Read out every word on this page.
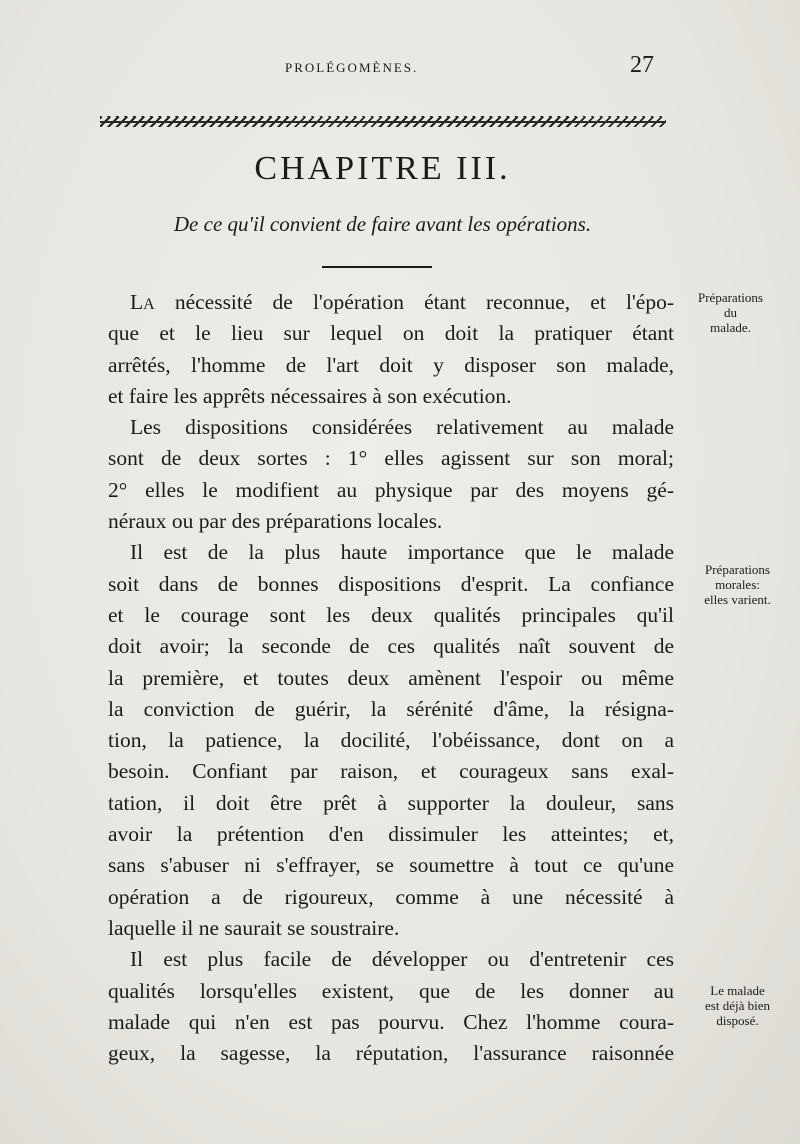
PROLÉGOMÈNES.	27
CHAPITRE III.
De ce qu'il convient de faire avant les opérations.
LA nécessité de l'opération étant reconnue, et l'épo-
que et le lieu sur lequel on doit la pratiquer étant
arrêtés, l'homme de l'art doit y disposer son malade,
et faire les apprêts nécessaires à son exécution.
Les dispositions considérées relativement au malade
sont de deux sortes : 1° elles agissent sur son moral;
2° elles le modifient au physique par des moyens gé-
néraux ou par des préparations locales.
Il est de la plus haute importance que le malade
soit dans de bonnes dispositions d'esprit. La confiance
et le courage sont les deux qualités principales qu'il
doit avoir; la seconde de ces qualités naît souvent de
la première, et toutes deux amènent l'espoir ou même
la conviction de guérir, la sérénité d'âme, la résigna-
tion, la patience, la docilité, l'obéissance, dont on a
besoin. Confiant par raison, et courageux sans exal-
tation, il doit être prêt à supporter la douleur, sans
avoir la prétention d'en dissimuler les atteintes; et,
sans s'abuser ni s'effrayer, se soumettre à tout ce qu'une
opération a de rigoureux, comme à une nécessité à
laquelle il ne saurait se soustraire.
Il est plus facile de développer ou d'entretenir ces
qualités lorsqu'elles existent, que de les donner au
malade qui n'en est pas pourvu. Chez l'homme coura-
geux, la sagesse, la réputation, l'assurance raisonnée
Préparations
du
malade.
Préparations
morales:
elles varient.
Le malade
est déjà bien
disposé.
